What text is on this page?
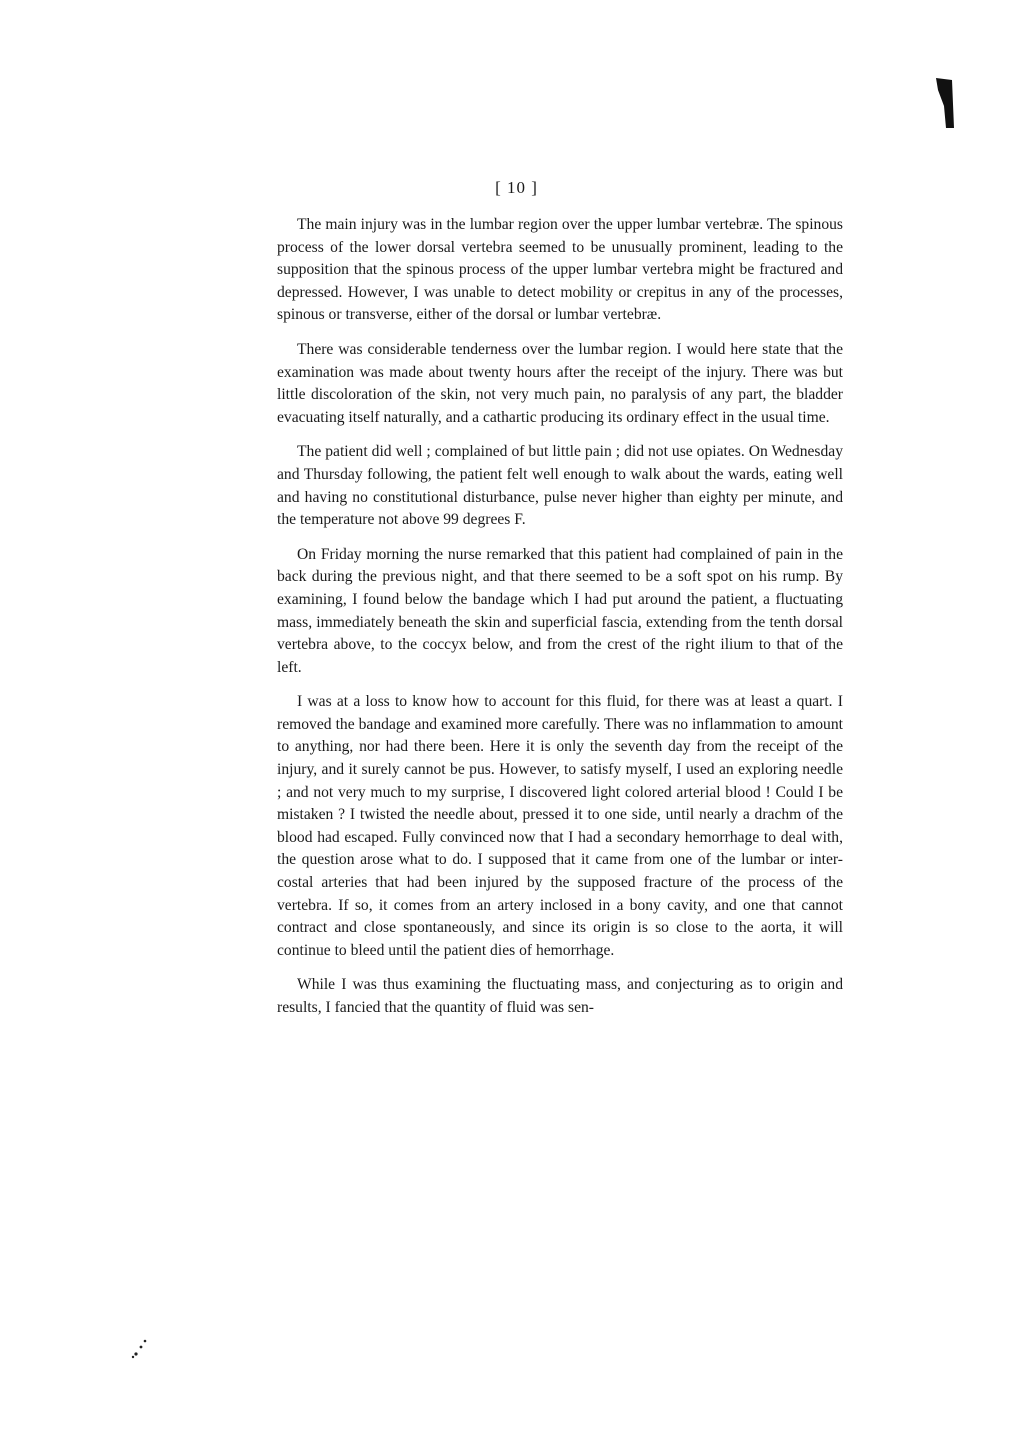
[ 10 ]

The main injury was in the lumbar region over the upper lumbar vertebræ. The spinous process of the lower dorsal vertebra seemed to be unusually prominent, leading to the supposition that the spinous process of the upper lumbar vertebra might be fractured and depressed. However, I was unable to detect mobility or crepitus in any of the processes, spinous or transverse, either of the dorsal or lumbar vertebræ.

There was considerable tenderness over the lumbar region. I would here state that the examination was made about twenty hours after the receipt of the injury. There was but little discoloration of the skin, not very much pain, no paralysis of any part, the bladder evacuating itself naturally, and a cathartic producing its ordinary effect in the usual time.

The patient did well ; complained of but little pain ; did not use opiates. On Wednesday and Thursday following, the patient felt well enough to walk about the wards, eating well and having no constitutional disturbance, pulse never higher than eighty per minute, and the temperature not above 99 degrees F.

On Friday morning the nurse remarked that this patient had complained of pain in the back during the previous night, and that there seemed to be a soft spot on his rump. By examining, I found below the bandage which I had put around the patient, a fluctuating mass, immediately beneath the skin and superficial fascia, extending from the tenth dorsal vertebra above, to the coccyx below, and from the crest of the right ilium to that of the left.

I was at a loss to know how to account for this fluid, for there was at least a quart. I removed the bandage and examined more carefully. There was no inflammation to amount to anything, nor had there been. Here it is only the seventh day from the receipt of the injury, and it surely cannot be pus. However, to satisfy myself, I used an exploring needle ; and not very much to my surprise, I discovered light colored arterial blood ! Could I be mistaken ? I twisted the needle about, pressed it to one side, until nearly a drachm of the blood had escaped. Fully convinced now that I had a secondary hemorrhage to deal with, the question arose what to do. I supposed that it came from one of the lumbar or inter-costal arteries that had been injured by the supposed fracture of the process of the vertebra. If so, it comes from an artery inclosed in a bony cavity, and one that cannot contract and close spontaneously, and since its origin is so close to the aorta, it will continue to bleed until the patient dies of hemorrhage.

While I was thus examining the fluctuating mass, and conjecturing as to origin and results, I fancied that the quantity of fluid was sen-
